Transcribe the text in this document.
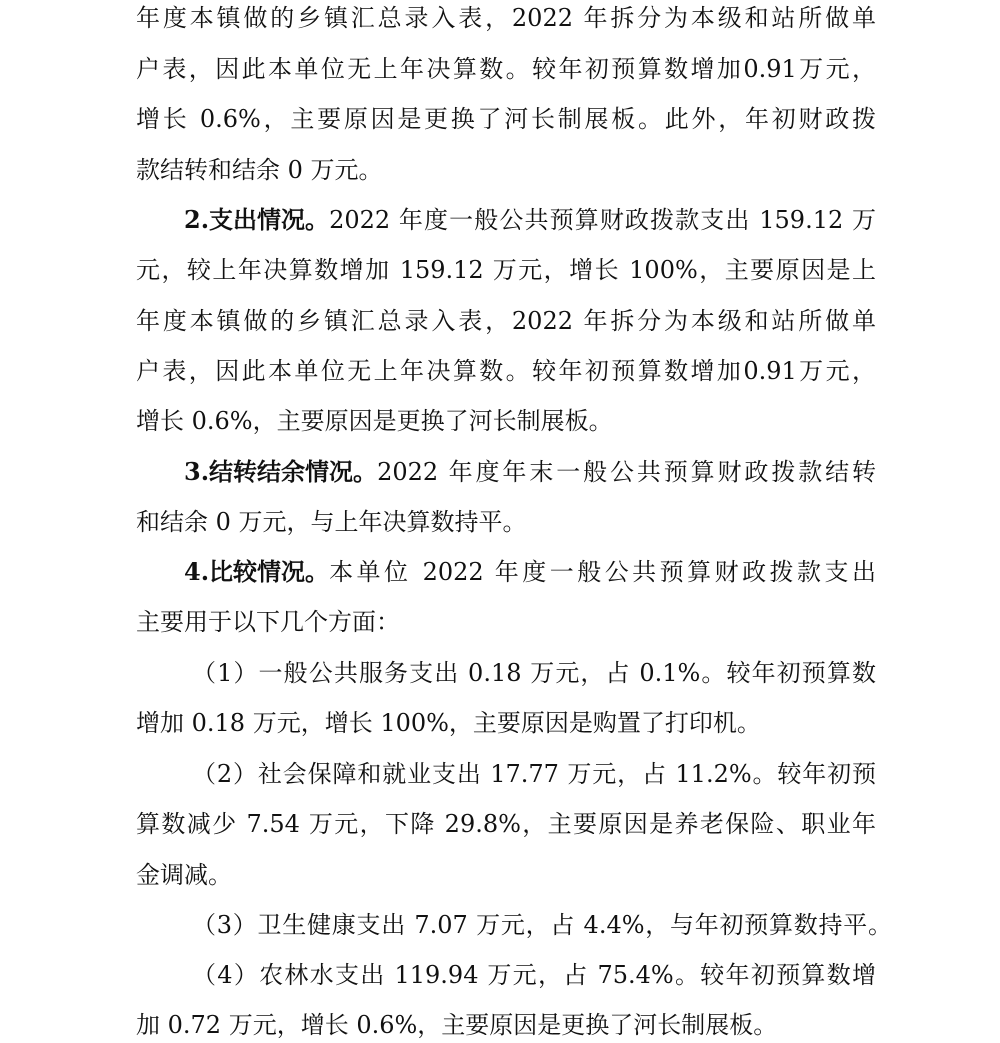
年度本镇做的乡镇汇总录入表，2022 年拆分为本级和站所做单
户表，因此本单位无上年决算数。较年初预算数增加0.91万元，
增长 0.6%，主要原因是更换了河长制展板。此外，年初财政拨
款结转和结余 0 万元。
2.支出情况。 2022 年度一般公共预算财政拨款支出 159.12 万
元，较上年决算数增加 159.12 万元，增长 100%，主要原因是上
年度本镇做的乡镇汇总录入表，2022 年拆分为本级和站所做单
户表，因此本单位无上年决算数。较年初预算数增加0.91万元，
增长 0.6%，主要原因是更换了河长制展板。
3.结转结余情况。 2022 年度年末一般公共预算财政拨款结转
和结余 0 万元，与上年决算数持平。
4.比较情况。 本单位 2022 年度一般公共预算财政拨款支出
主要用于以下几个方面：
（1）一般公共服务支出 0.18 万元，占 0.1%。较年初预算数
增加 0.18 万元，增长 100%，主要原因是购置了打印机。
（2）社会保障和就业支出 17.77 万元，占 11.2%。较年初预
算数减少 7.54 万元，下降 29.8%，主要原因是养老保险、职业年
金调减。
（3）卫生健康支出 7.07 万元，占 4.4%，与年初预算数持平。
（4）农林水支出 119.94 万元，占 75.4%。较年初预算数增
加 0.72 万元，增长 0.6%，主要原因是更换了河长制展板。
